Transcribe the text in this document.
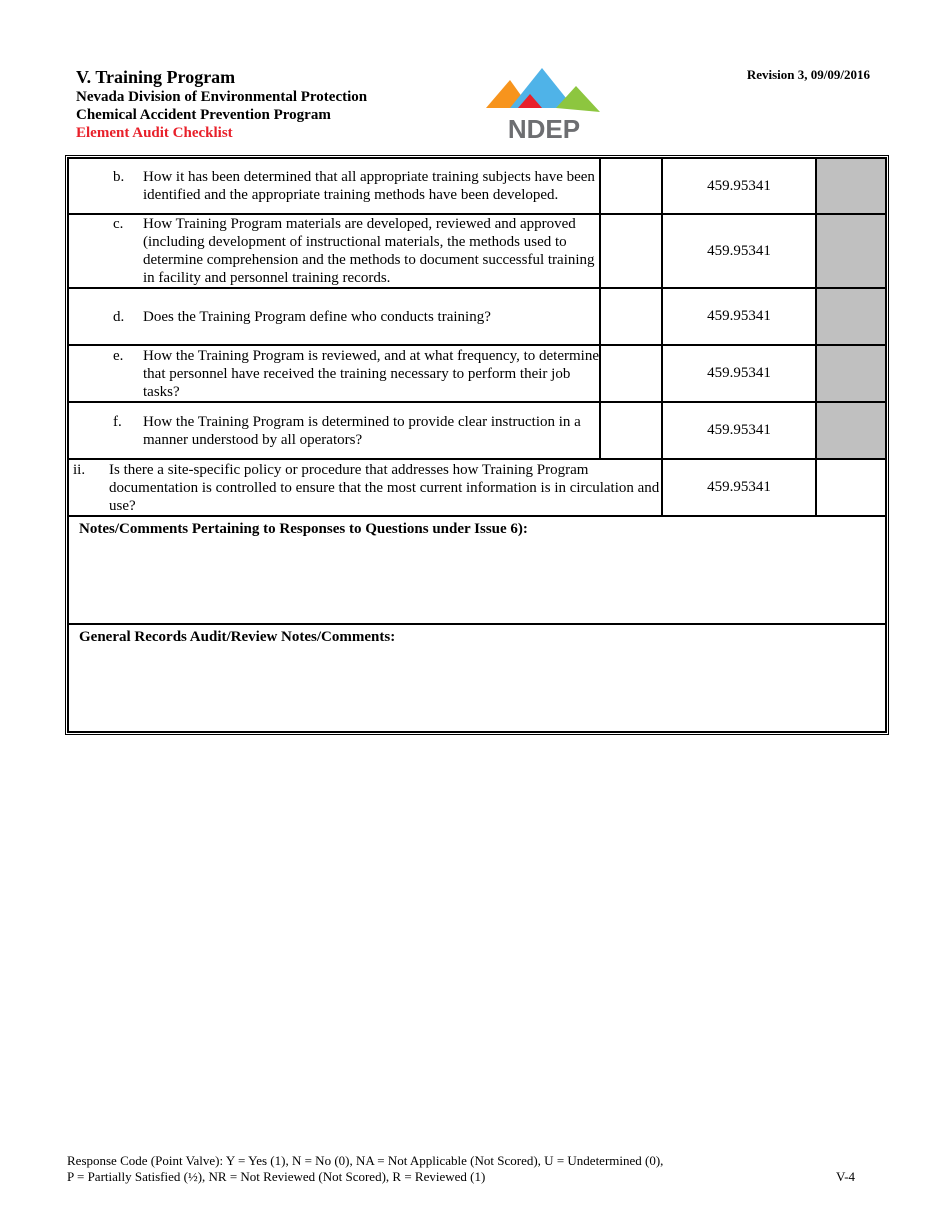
V. Training Program
Nevada Division of Environmental Protection
Chemical Accident Prevention Program
Element Audit Checklist	NDEP
Revision 3, 09/09/2016
b. How it has been determined that all appropriate training subjects have been identified and the appropriate training methods have been developed.		459.95341	

c. How Training Program materials are developed, reviewed and approved (including development of instructional materials, the methods used to determine comprehension and the methods to document successful training in facility and personnel training records.		459.95341	

d. Does the Training Program define who conducts training?		459.95341	

e. How the Training Program is reviewed, and at what frequency, to determine that personnel have received the training necessary to perform their job tasks?		459.95341	

f. How the Training Program is determined to provide clear instruction in a manner understood by all operators?		459.95341	

ii. Is there a site-specific policy or procedure that addresses how Training Program documentation is controlled to ensure that the most current information is in circulation and use?		459.95341	
Notes/Comments Pertaining to Responses to Questions under Issue 6):			
General Records Audit/Review Notes/Comments:			
Response Code (Point Valve): Y = Yes (1), N = No (0), NA = Not Applicable (Not Scored), U = Undetermined (0),
P = Partially Satisfied (½), NR = Not Reviewed (Not Scored), R = Reviewed (1)	V-4
